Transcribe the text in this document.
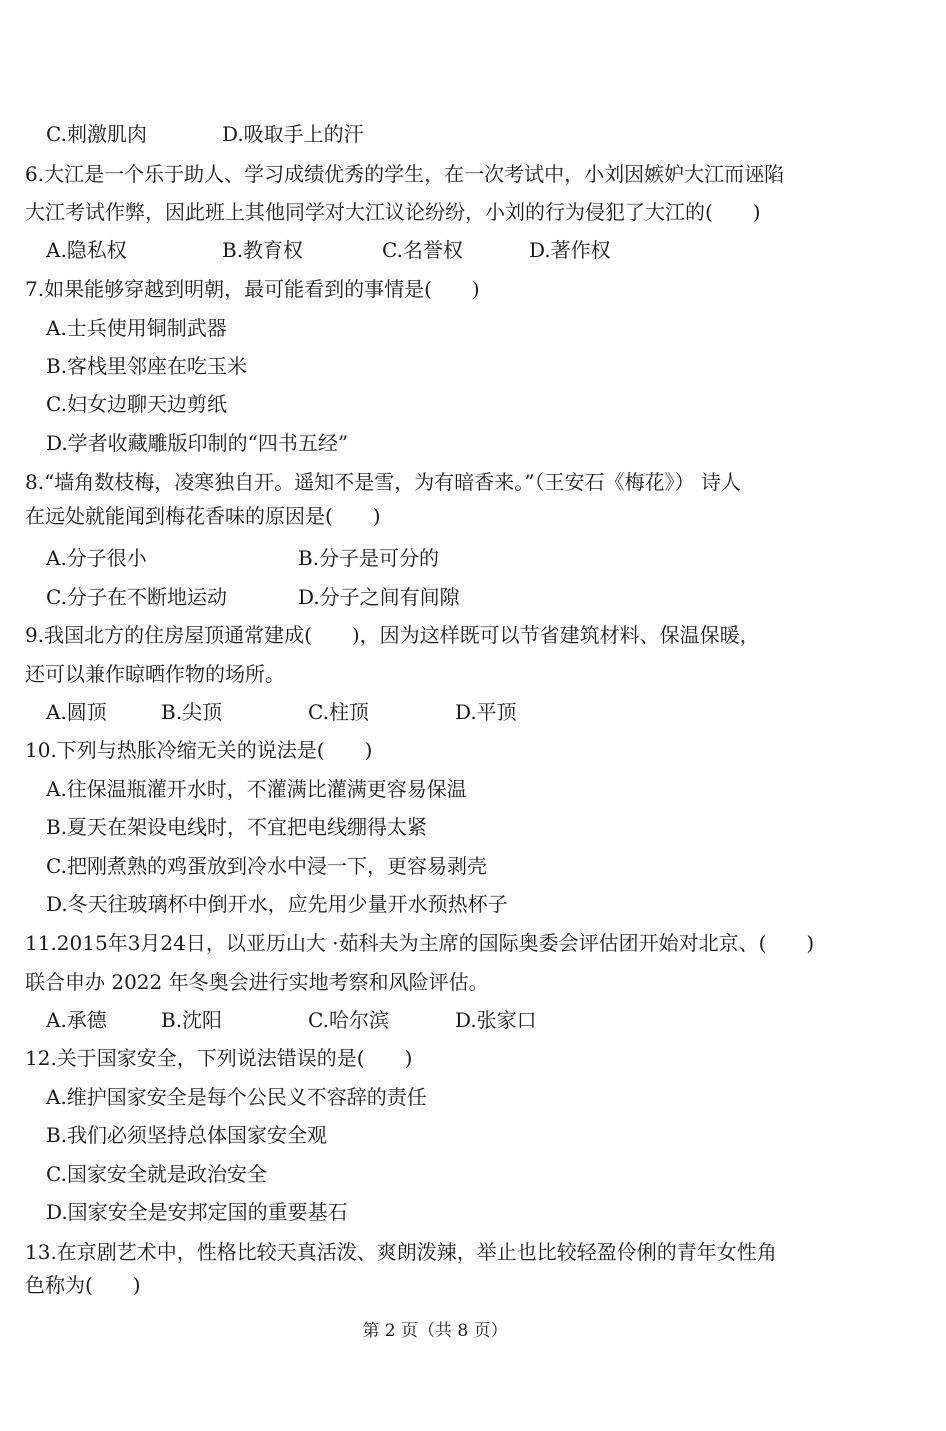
C.刺激肌肉	D.吸取手上的汗
6.大江是一个乐于助人、学习成绩优秀的学生，在一次考试中，小刘因嫉妒大江而诬陷
大江考试作弊，因此班上其他同学对大江议论纷纷，小刘的行为侵犯了大江的(　　)
A.隐私权	B.教育权	C.名誉权	D.著作权
7.如果能够穿越到明朝，最可能看到的事情是(　　)
A.士兵使用铜制武器
B.客栈里邻座在吃玉米
C.妇女边聊天边剪纸
D.学者收藏雕版印制的“四书五经”
8.“墙角数枝梅，凌寒独自开。遥知不是雪，为有暗香来。”（王安石《梅花》） 诗人
在远处就能闻到梅花香味的原因是(　　)
A.分子很小	B.分子是可分的
C.分子在不断地运动	D.分子之间有间隙
9.我国北方的住房屋顶通常建成(　　)，因为这样既可以节省建筑材料、保温保暖，
还可以兼作晾晒作物的场所。
A.圆顶	B.尖顶	C.柱顶	D.平顶
10.下列与热胀冷缩无关的说法是(　　)
A.往保温瓶灌开水时，不灌满比灌满更容易保温
B.夏天在架设电线时，不宜把电线绷得太紧
C.把刚煮熟的鸡蛋放到冷水中浸一下，更容易剥壳
D.冬天往玻璃杯中倒开水，应先用少量开水预热杯子
11.2015年3月24日，以亚历山大 ·茹科夫为主席的国际奥委会评估团开始对北京、(　　)
联合申办 2022 年冬奥会进行实地考察和风险评估。
A.承德	B.沈阳	C.哈尔滨	D.张家口
12.关于国家安全，下列说法错误的是(　　)
A.维护国家安全是每个公民义不容辞的责任
B.我们必须坚持总体国家安全观
C.国家安全就是政治安全
D.国家安全是安邦定国的重要基石
13.在京剧艺术中，性格比较天真活泼、爽朗泼辣，举止也比较轻盈伶俐的青年女性角
色称为(　　)
第 2 页（共 8 页）
